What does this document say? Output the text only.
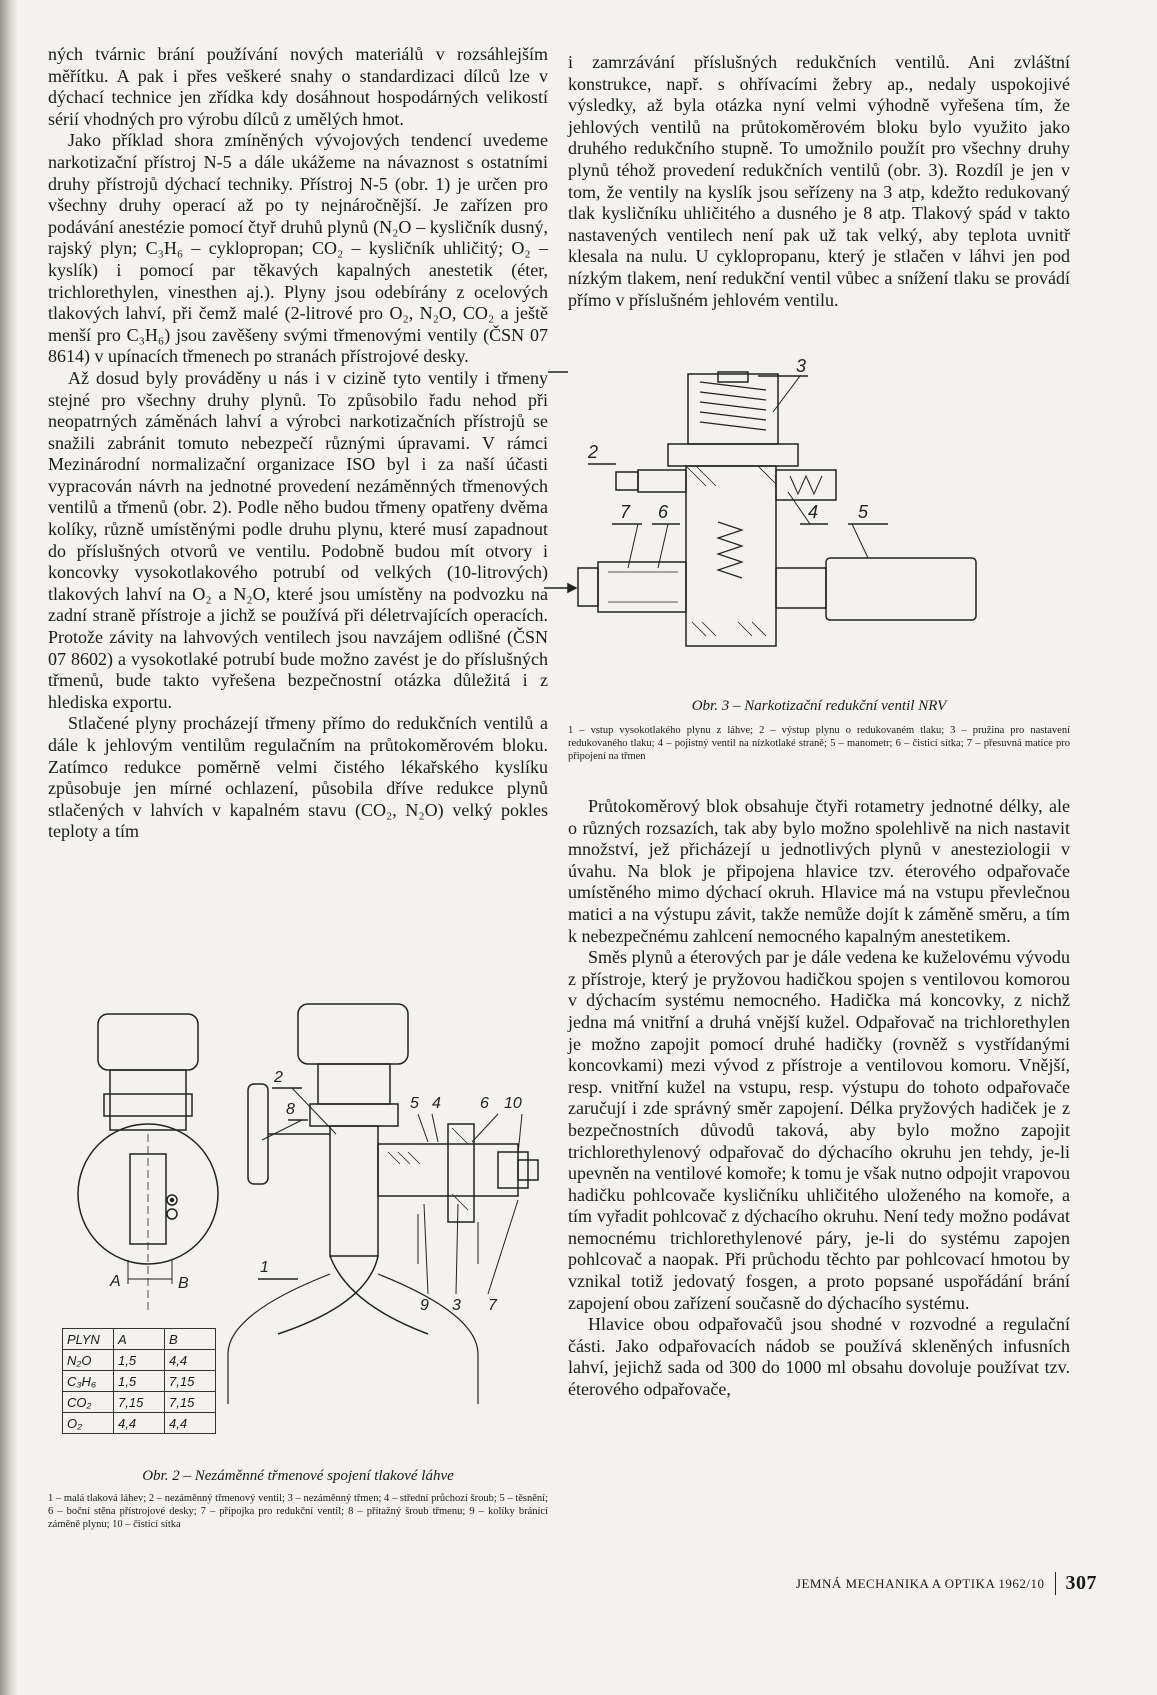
ných tvárnic brání používání nových materiálů v rozsáhlejším měřítku. A pak i přes veškeré snahy o standardizaci dílců lze v dýchací technice jen zřídka kdy dosáhnout hospodárných velikostí sérií vhodných pro výrobu dílců z umělých hmot.

Jako příklad shora zmíněných vývojových tendencí uvedeme narkotizační přístroj N-5 a dále ukážeme na návaznost s ostatními druhy přístrojů dýchací techniky. Přístroj N-5 (obr. 1) je určen pro všechny druhy operací až po ty nejnáročnější. Je zařízen pro podávání anestézie pomocí čtyř druhů plynů (N₂O – kysličník dusný, rajský plyn; C₃H₆ – cyklopropan; CO₂ – kysličník uhličitý; O₂ – kyslík) i pomocí par těkavých kapalných anestetik (éter, trichlorethylen, vinesthen aj.). Plyny jsou odebírány z ocelových tlakových lahví, při čemž malé (2-litrové pro O₂, N₂O, CO₂ a ještě menší pro C₃H₆) jsou zavěšeny svými třmenovými ventily (ČSN 07 8614) v upínacích třmenech po stranách přístrojové desky.

Až dosud byly prováděny u nás i v cizině tyto ventily i třmeny stejné pro všechny druhy plynů. To způsobilo řadu nehod při neopatrných záměnách lahví a výrobci narkotizačních přístrojů se snažili zabránit tomuto nebezpečí různými úpravami. V rámci Mezinárodní normalizační organizace ISO byl i za naší účasti vypracován návrh na jednotné provedení nezáměnných třmenových ventilů a třmenů (obr. 2). Podle něho budou třmeny opatřeny dvěma kolíky, různě umístěnými podle druhu plynu, které musí zapadnout do příslušných otvorů ve ventilu. Podobně budou mít otvory i koncovky vysokotlakového potrubí od velkých (10-litrových) tlakových lahví na O₂ a N₂O, které jsou umístěny na podvozku na zadní straně přístroje a jichž se používá při déletrvajících operacích. Protože závity na lahvových ventilech jsou navzájem odlišné (ČSN 07 8602) a vysokotlaké potrubí bude možno zavést je do příslušných třmenů, bude takto vyřešena bezpečnostní otázka důležitá i z hlediska exportu.

Stlačené plyny procházejí třmeny přímo do redukčních ventilů a dále k jehlovým ventilům regulačním na průtokoměrovém bloku. Zatímco redukce poměrně velmi čistého lékařského kyslíku způsobuje jen mírné ochlazení, působila dříve redukce plynů stlačených v lahvích v kapalném stavu (CO₂, N₂O) velký pokles teploty a tím

i zamrzávání příslušných redukčních ventilů. Ani zvláštní konstrukce, např. s ohřívacími žebry ap., nedaly uspokojivé výsledky, až byla otázka nyní velmi výhodně vyřešena tím, že jehlových ventilů na průtokoměrovém bloku bylo využito jako druhého redukčního stupně. To umožnilo použít pro všechny druhy plynů téhož provedení redukčních ventilů (obr. 3). Rozdíl je jen v tom, že ventily na kyslík jsou seřízeny na 3 atp, kdežto redukovaný tlak kysličníku uhličitého a dusného je 8 atp. Tlakový spád v takto nastavených ventilech není pak už tak velký, aby teplota uvnitř klesala na nulu. U cyklopropanu, který je stlačen v láhvi jen pod nízkým tlakem, není redukční ventil vůbec a snížení tlaku se provádí přímo v příslušném jehlovém ventilu.

3
2
7 6	4 5
Obr. 3 – Narkotizační redukční ventil NRV
1 – vstup vysokotlakého plynu z láhve; 2 – výstup plynu o redukovaném tlaku; 3 – pružina pro nastavení redukovaného tlaku; 4 – pojistný ventil na nízkotlaké straně; 5 – manometr; 6 – čisticí sítka; 7 – přesuvná matice pro připojení na třmen

Průtokoměrový blok obsahuje čtyři rotametry jednotné délky, ale o různých rozsazích, tak aby bylo možno spolehlivě na nich nastavit množství, jež přicházejí u jednotlivých plynů v anesteziologii v úvahu. Na blok je připojena hlavice tzv. éterového odpařovače umístěného mimo dýchací okruh. Hlavice má na vstupu převlečnou matici a na výstupu závit, takže nemůže dojít k záměně směru, a tím k nebezpečnému zahlcení nemocného kapalným anestetikem.

Směs plynů a éterových par je dále vedena ke kuželovému vývodu z přístroje, který je pryžovou hadičkou spojen s ventilovou komorou v dýchacím systému nemocného. Hadička má koncovky, z nichž jedna má vnitřní a druhá vnější kužel. Odpařovač na trichlorethylen je možno zapojit pomocí druhé hadičky (rovněž s vystřídanými koncovkami) mezi vývod z přístroje a ventilovou komoru. Vnější, resp. vnitřní kužel na vstupu, resp. výstupu do tohoto odpařovače zaručují i zde správný směr zapojení. Délka pryžových hadiček je z bezpečnostních důvodů taková, aby bylo možno zapojit trichlorethylenový odpařovač do dýchacího okruhu jen tehdy, je-li upevněn na ventilové komoře; k tomu je však nutno odpojit vrapovou hadičku pohlcovače kysličníku uhličitého uloženého na komoře, a tím vyřadit pohlcovač z dýchacího okruhu. Není tedy možno podávat nemocnému trichlorethylenové páry, je-li do systému zapojen pohlcovač a naopak. Při průchodu těchto par pohlcovací hmotou by vznikal totiž jedovatý fosgen, a proto popsané uspořádání brání zapojení obou zařízení současně do dýchacího systému.

Hlavice obou odpařovačů jsou shodné v rozvodné a regulační části. Jako odpařovacích nádob se používá skleněných infusních lahví, jejichž sada od 300 do 1000 ml obsahu dovoluje používat tzv. éterového odpařovače,

2
8	5 4 6 10
1
9 3 7
A	B
PLYN	A	B
N₂O	1,5	4,4
C₃H₆	1,5	7,15
CO₂	7,15	7,15
O₂	4,4	4,4
Obr. 2 – Nezáměnné třmenové spojení tlakové láhve
1 – malá tlaková láhev; 2 – nezáměnný třmenový ventil; 3 – nezáměnný třmen; 4 – střední průchozí šroub; 5 – těsnění; 6 – boční stěna přístrojové desky; 7 – přípojka pro redukční ventil; 8 – přítažný šroub třmenu; 9 – kolíky bránící záměně plynu; 10 – čisticí sítka
JEMNÁ MECHANIKA A OPTIKA 1962/10	307
